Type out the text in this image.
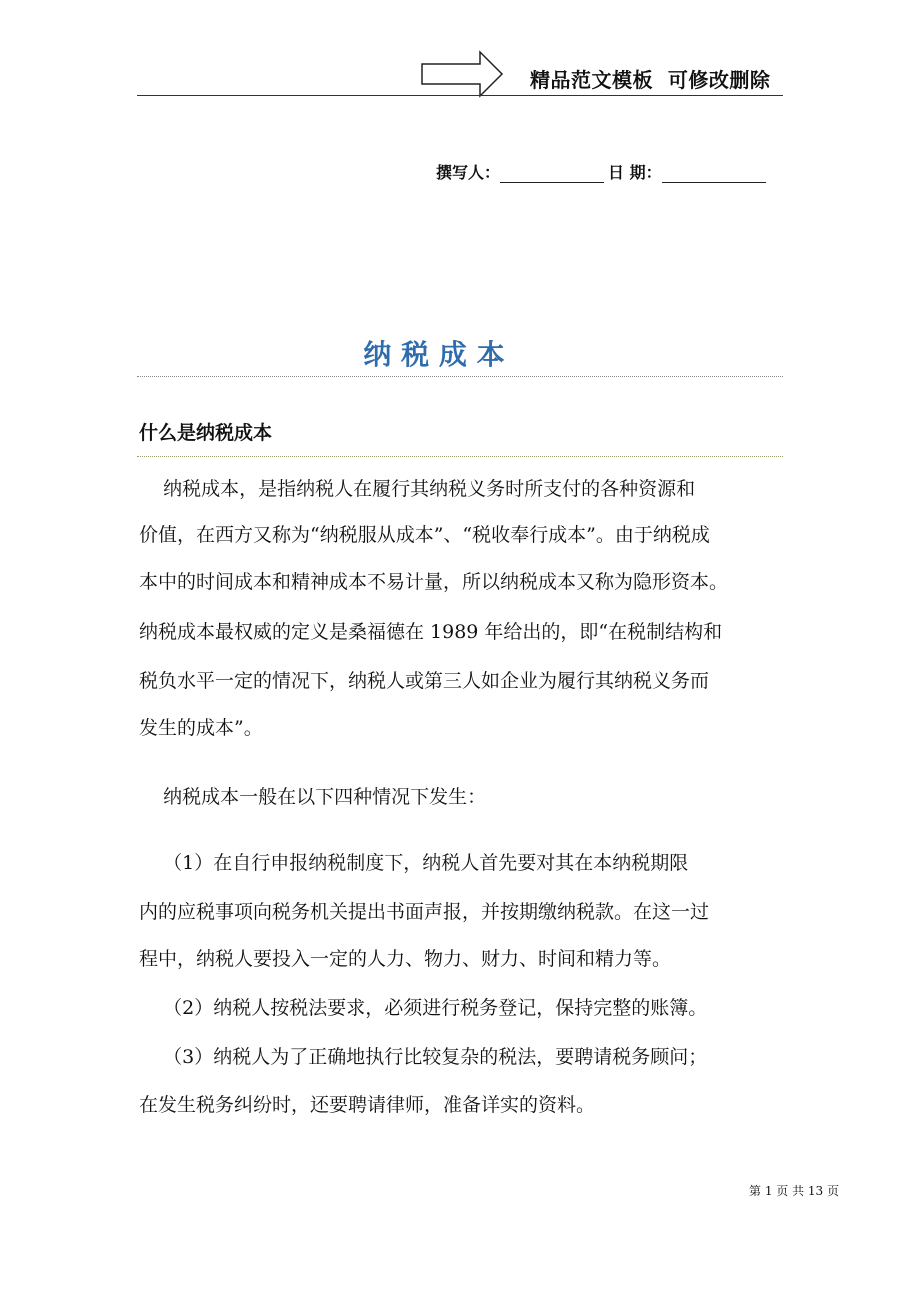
精品范文模板  可修改删除
撰写人：	日 期：
纳 税 成 本
什么是纳税成本
纳税成本，是指纳税人在履行其纳税义务时所支付的各种资源和
价值，在西方又称为“纳税服从成本”、“税收奉行成本”。由于纳税成
本中的时间成本和精神成本不易计量，所以纳税成本又称为隐形资本。
纳税成本最权威的定义是桑福德在 1989 年给出的，即“在税制结构和
税负水平一定的情况下，纳税人或第三人如企业为履行其纳税义务而
发生的成本”。
纳税成本一般在以下四种情况下发生：
（1）在自行申报纳税制度下，纳税人首先要对其在本纳税期限
内的应税事项向税务机关提出书面声报，并按期缴纳税款。在这一过
程中，纳税人要投入一定的人力、物力、财力、时间和精力等。
（2）纳税人按税法要求，必须进行税务登记，保持完整的账簿。
（3）纳税人为了正确地执行比较复杂的税法，要聘请税务顾问；
在发生税务纠纷时，还要聘请律师，准备详实的资料。
第 1 页 共 13 页
